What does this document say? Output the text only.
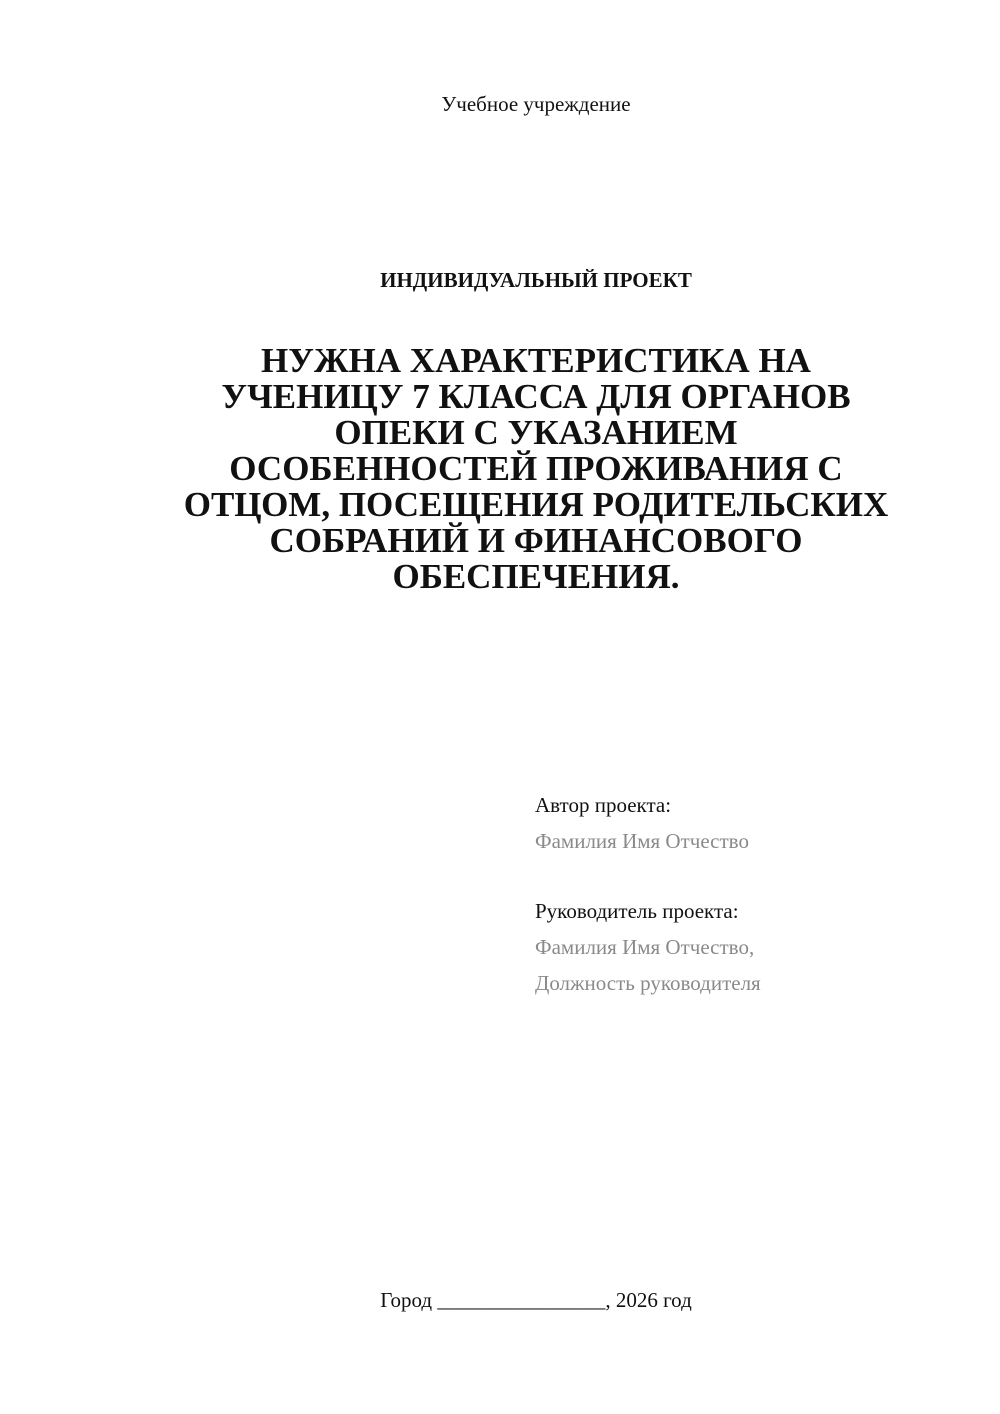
Учебное учреждение
ИНДИВИДУАЛЬНЫЙ ПРОЕКТ
НУЖНА ХАРАКТЕРИСТИКА НА УЧЕНИЦУ 7 КЛАССА ДЛЯ ОРГАНОВ ОПЕКИ С УКАЗАНИЕМ ОСОБЕННОСТЕЙ ПРОЖИВАНИЯ С ОТЦОМ, ПОСЕЩЕНИЯ РОДИТЕЛЬСКИХ СОБРАНИЙ И ФИНАНСОВОГО ОБЕСПЕЧЕНИЯ.
Автор проекта:
Фамилия Имя Отчество
Руководитель проекта:
Фамилия Имя Отчество,
Должность руководителя
Город ________________, 2026 год
